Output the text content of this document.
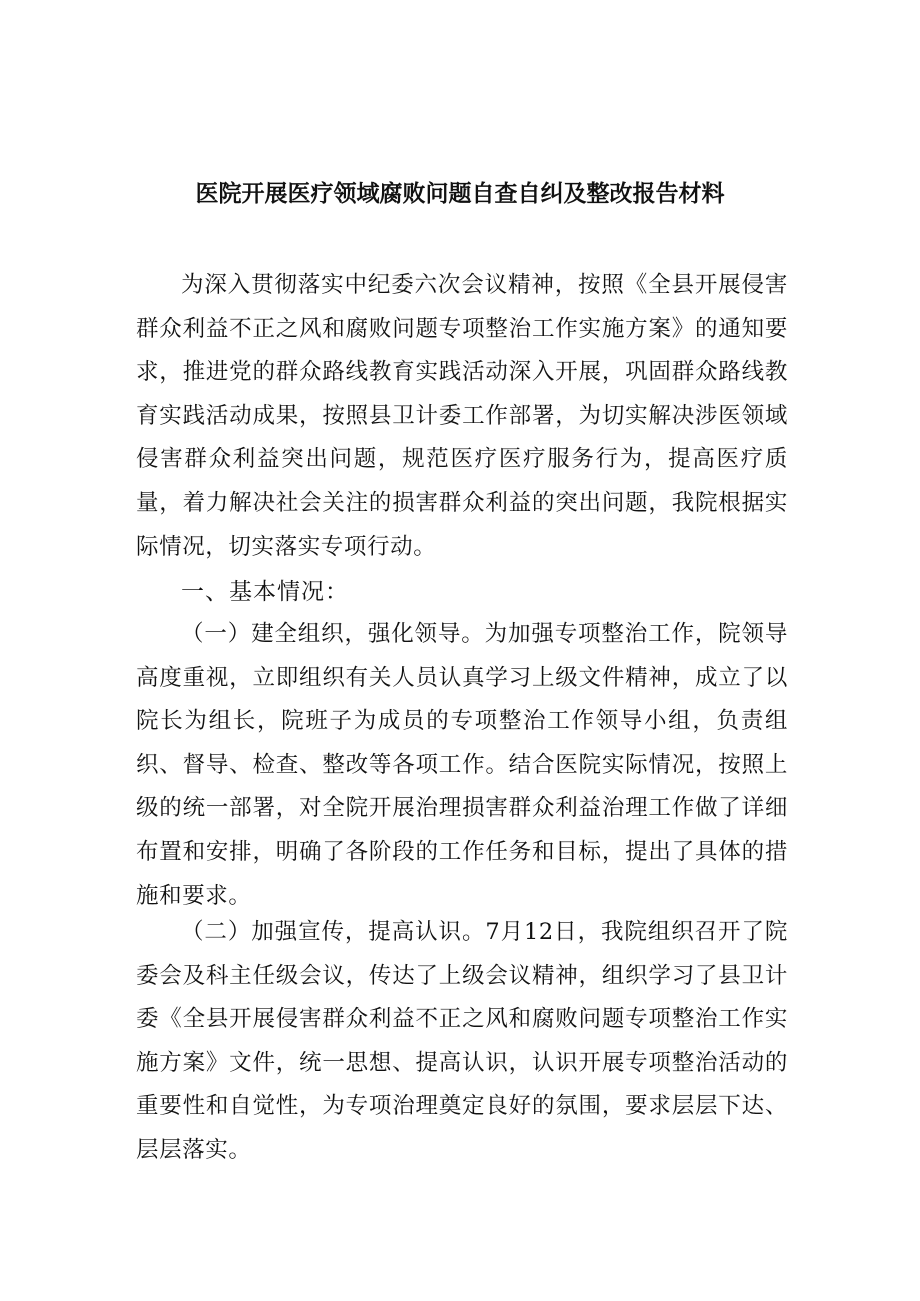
医院开展医疗领域腐败问题自查自纠及整改报告材料

为深入贯彻落实中纪委六次会议精神，按照《全县开展侵害群众利益不正之风和腐败问题专项整治工作实施方案》的通知要求，推进党的群众路线教育实践活动深入开展，巩固群众路线教育实践活动成果，按照县卫计委工作部署，为切实解决涉医领域侵害群众利益突出问题，规范医疗医疗服务行为，提高医疗质量，着力解决社会关注的损害群众利益的突出问题，我院根据实际情况，切实落实专项行动。

一、基本情况：

（一）建全组织，强化领导。为加强专项整治工作，院领导高度重视，立即组织有关人员认真学习上级文件精神，成立了以院长为组长，院班子为成员的专项整治工作领导小组，负责组织、督导、检查、整改等各项工作。结合医院实际情况，按照上级的统一部署，对全院开展治理损害群众利益治理工作做了详细布置和安排，明确了各阶段的工作任务和目标，提出了具体的措施和要求。

（二）加强宣传，提高认识。7月12日，我院组织召开了院委会及科主任级会议，传达了上级会议精神，组织学习了县卫计委《全县开展侵害群众利益不正之风和腐败问题专项整治工作实施方案》文件，统一思想、提高认识，认识开展专项整治活动的重要性和自觉性，为专项治理奠定良好的氛围，要求层层下达、层层落实。
